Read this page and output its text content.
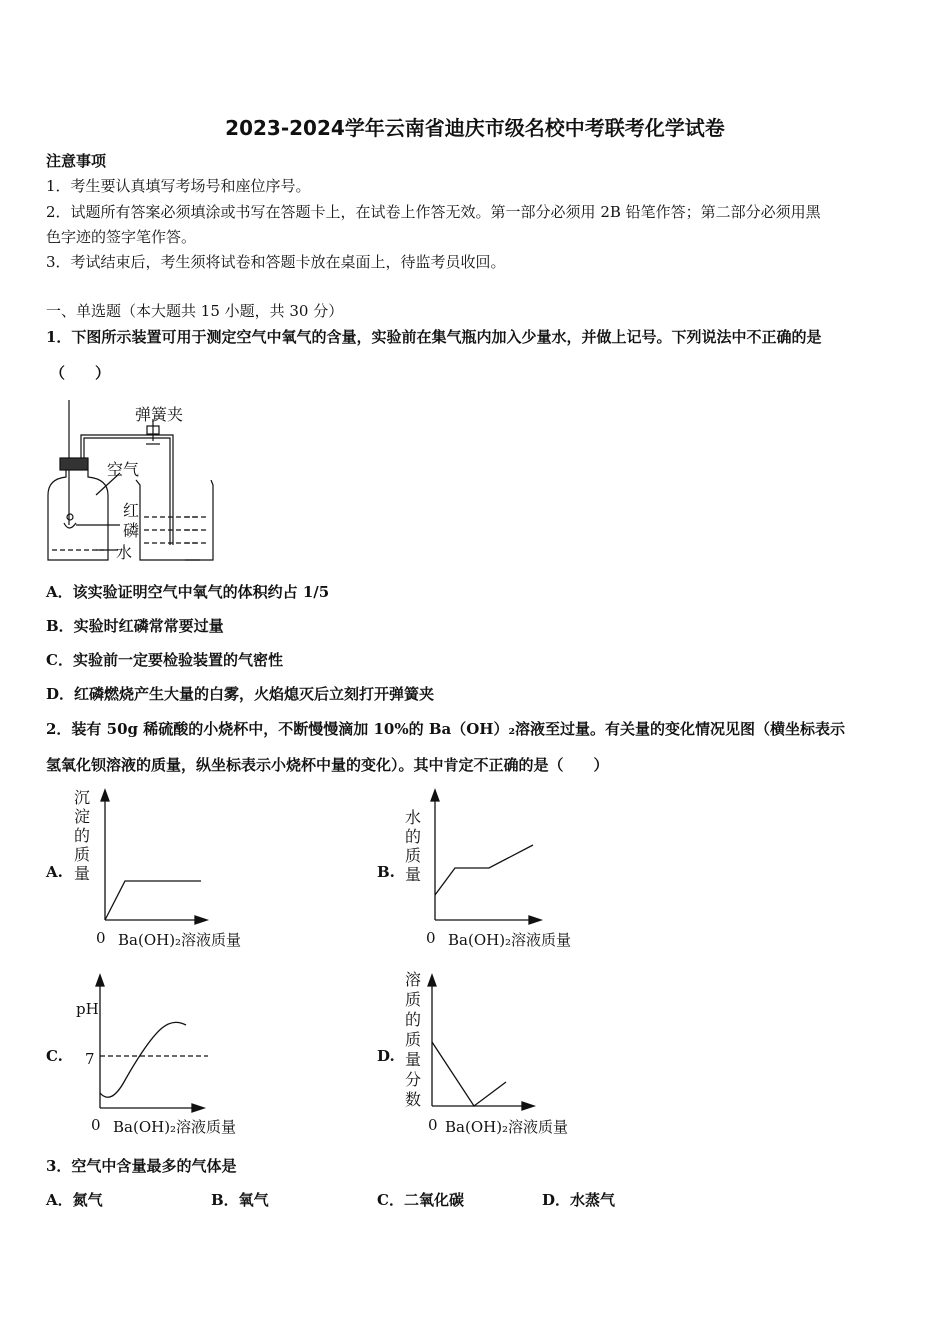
2023-2024学年云南省迪庆市级名校中考联考化学试卷
注意事项
1．考生要认真填写考场号和座位序号。
2．试题所有答案必须填涂或书写在答题卡上，在试卷上作答无效。第一部分必须用 2B 铅笔作答；第二部分必须用黑
色字迹的签字笔作答。
3．考试结束后，考生须将试卷和答题卡放在桌面上，待监考员收回。
一、单选题（本大题共 15 小题，共 30 分）
1．下图所示装置可用于测定空气中氧气的含量，实验前在集气瓶内加入少量水，并做上记号。下列说法中不正确的是
（　　）
弹簧夹
空气
红
磷
水
A．该实验证明空气中氧气的体积约占 1/5
B．实验时红磷常常要过量
C．实验前一定要检验装置的气密性
D．红磷燃烧产生大量的白雾，火焰熄灭后立刻打开弹簧夹
2．装有 50g 稀硫酸的小烧杯中，不断慢慢滴加 10%的 Ba（OH）₂溶液至过量。有关量的变化情况见图（横坐标表示
氢氧化钡溶液的质量，纵坐标表示小烧杯中量的变化）。其中肯定不正确的是（　　）
A.
沉
淀
的
质
量
0 Ba(OH)₂溶液质量
B.
水
的
质
量
0 Ba(OH)₂溶液质量
C.
pH
7
0 Ba(OH)₂溶液质量
D.
溶
质
的
质
量
分
数
0 Ba(OH)₂溶液质量
3．空气中含量最多的气体是
A．氮气	B．氧气	C．二氧化碳	D．水蒸气
